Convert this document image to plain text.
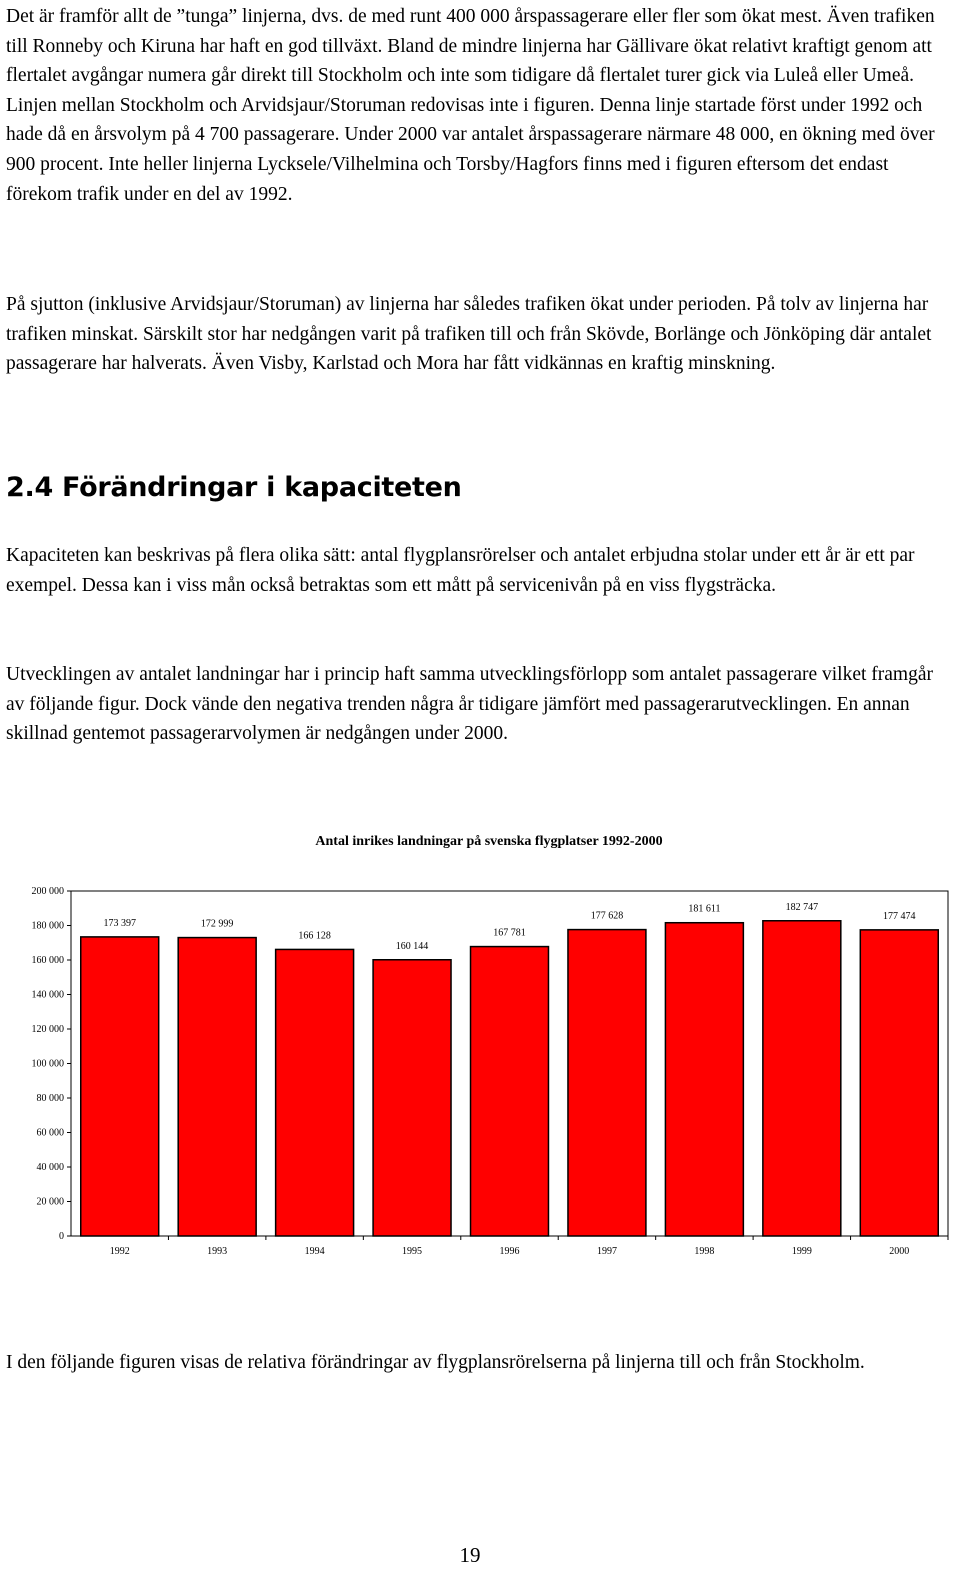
Det är framför allt de ”tunga” linjerna, dvs. de med runt 400 000 årspassagerare eller fler som ökat mest. Även trafiken till Ronneby och Kiruna har haft en god tillväxt. Bland de mindre linjerna har Gällivare ökat relativt kraftigt genom att flertalet avgångar numera går direkt till Stockholm och inte som tidigare då flertalet turer gick via Luleå eller Umeå. Linjen mellan Stockholm och Arvidsjaur/Storuman redovisas inte i figuren. Denna linje startade först under 1992 och hade då en årsvolym på 4 700 passagerare. Under 2000 var antalet årspassagerare närmare 48 000, en ökning med över 900 procent. Inte heller linjerna Lycksele/Vilhelmina och Torsby/Hagfors finns med i figuren eftersom det endast förekom trafik under en del av 1992.

På sjutton (inklusive Arvidsjaur/Storuman) av linjerna har således trafiken ökat under perioden. På tolv av linjerna har trafiken minskat. Särskilt stor har nedgången varit på trafiken till och från Skövde, Borlänge och Jönköping där antalet passagerare har halverats. Även Visby, Karlstad och Mora har fått vidkännas en kraftig minskning.

2.4 Förändringar i kapaciteten

Kapaciteten kan beskrivas på flera olika sätt: antal flygplansrörelser och antalet erbjudna stolar under ett år är ett par exempel. Dessa kan i viss mån också betraktas som ett mått på servicenivån på en viss flygsträcka.

Utvecklingen av antalet landningar har i princip haft samma utvecklingsförlopp som antalet passagerare vilket framgår av följande figur. Dock vände den negativa trenden några år tidigare jämfört med passagerarutvecklingen. En annan skillnad gentemot passagerarvolymen är nedgången under 2000.

Antal inrikes landningar på svenska flygplatser 1992-2000
0
20 000
40 000
60 000
80 000
100 000
120 000
140 000
160 000
180 000
200 000
1992
173 397
1993
172 999
1994
166 128
1995
160 144
1996
167 781
1997
177 628
1998
181 611
1999
182 747
2000
177 474

I den följande figuren visas de relativa förändringar av flygplansrörelserna på linjerna till och från Stockholm.

19
